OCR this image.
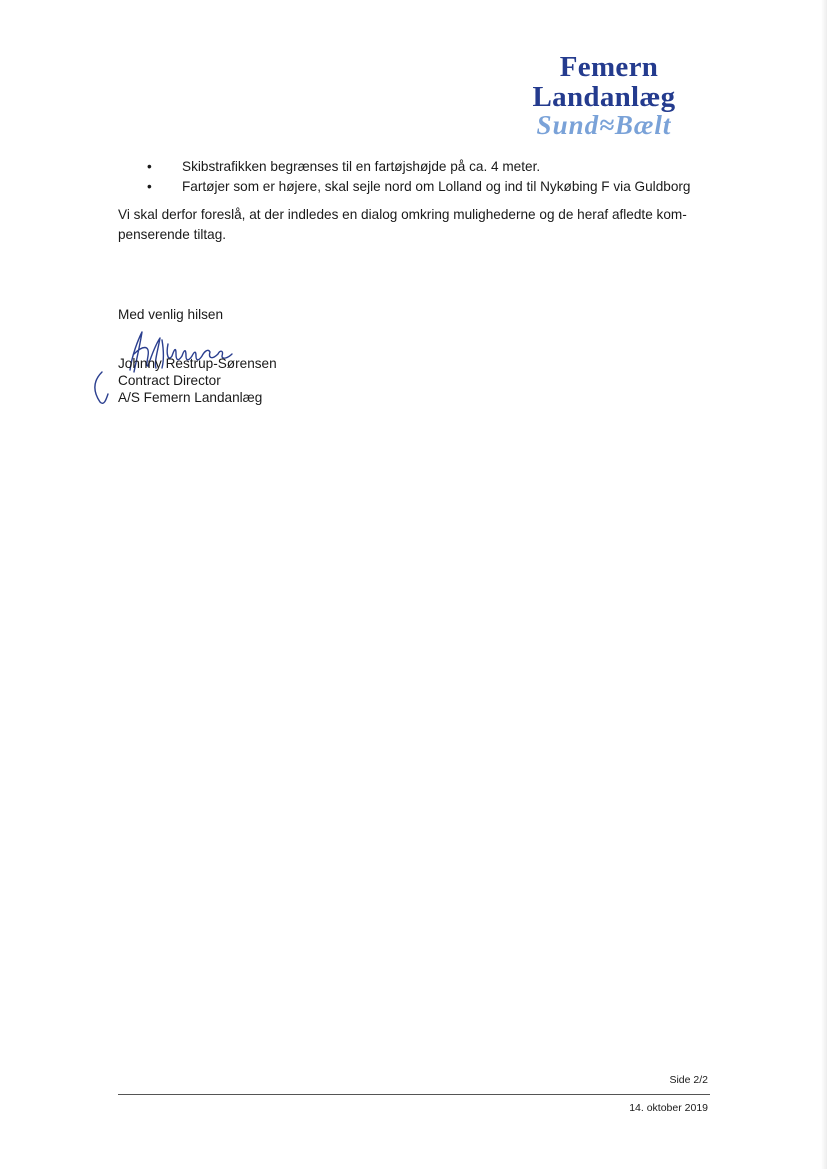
Femern
Landanlæg
Sund≈Bælt
• Skibstrafikken begrænses til en fartøjshøjde på ca. 4 meter.
• Fartøjer som er højere, skal sejle nord om Lolland og ind til Nykøbing F via Guldborg

Vi skal derfor foreslå, at der indledes en dialog omkring mulighederne og de heraf afledte kom-penserende tiltag.

Med venlig hilsen

Johnny Restrup-Sørensen
Contract Director
A/S Femern Landanlæg
Side 2/2
14. oktober 2019
